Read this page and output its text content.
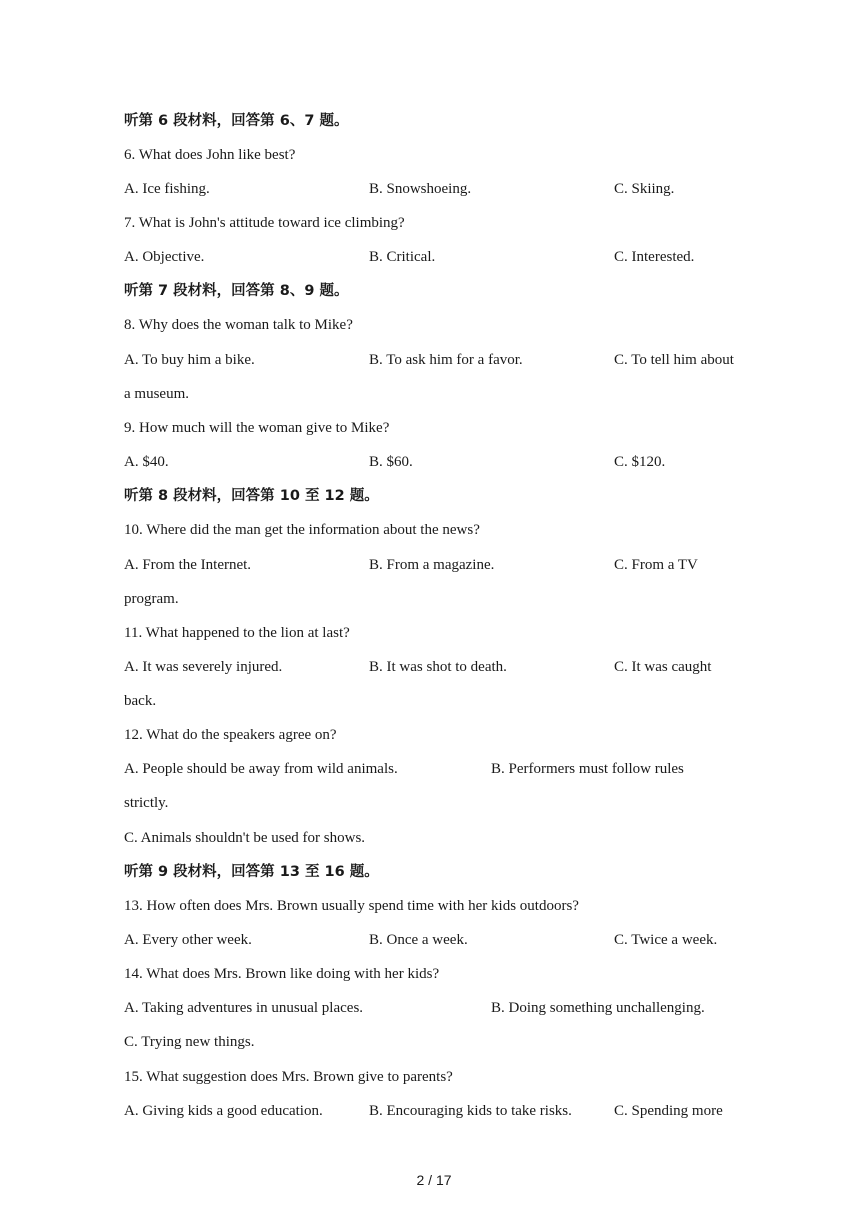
听第 6 段材料，回答第 6、7 题。
6. What does John like best?
A. Ice fishing.	B. Snowshoeing.	C. Skiing.
7. What is John's attitude toward ice climbing?
A. Objective.	B. Critical.	C. Interested.
听第 7 段材料，回答第 8、9 题。
8. Why does the woman talk to Mike?
A. To buy him a bike.	B. To ask him for a favor.	C. To tell him about
a museum.
9. How much will the woman give to Mike?
A. $40.	B. $60.	C. $120.
听第 8 段材料，回答第 10 至 12 题。
10. Where did the man get the information about the news?
A. From the Internet.	B. From a magazine.	C. From a TV
program.
11. What happened to the lion at last?
A. It was severely injured.	B. It was shot to death.	C. It was caught
back.
12. What do the speakers agree on?
A. People should be away from wild animals.	B. Performers must follow rules
strictly.
C. Animals shouldn't be used for shows.
听第 9 段材料，回答第 13 至 16 题。
13. How often does Mrs. Brown usually spend time with her kids outdoors?
A. Every other week.	B. Once a week.	C. Twice a week.
14. What does Mrs. Brown like doing with her kids?
A. Taking adventures in unusual places.	B. Doing something unchallenging.
C. Trying new things.
15. What suggestion does Mrs. Brown give to parents?
A. Giving kids a good education.	B. Encouraging kids to take risks.	C. Spending more
2 / 17
